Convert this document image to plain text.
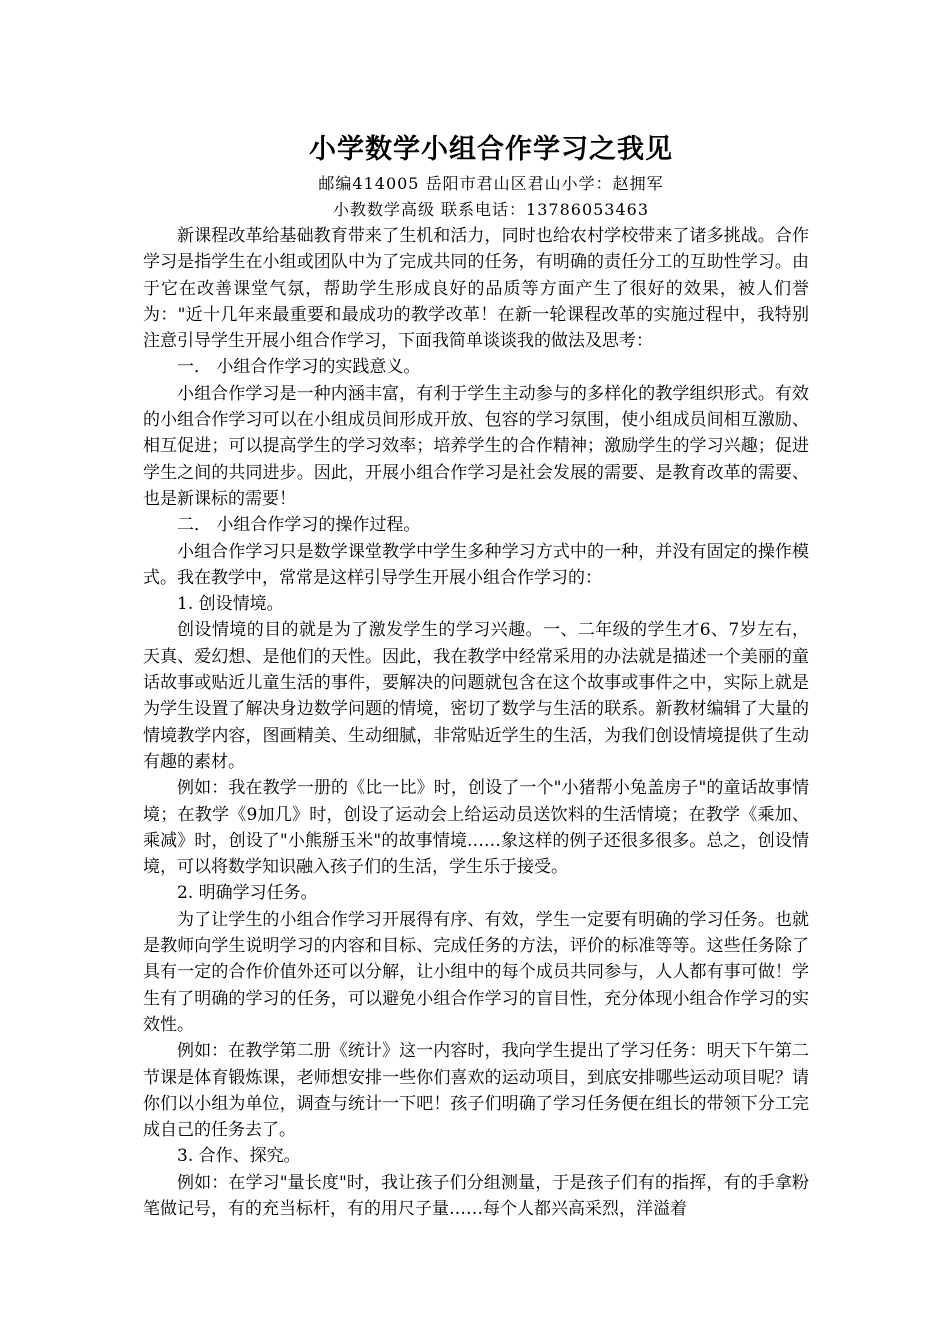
小学数学小组合作学习之我见
邮编414005 岳阳市君山区君山小学：赵拥军
小教数学高级 联系电话：13786053463

新课程改革给基础教育带来了生机和活力，同时也给农村学校带来了诸多挑战。合作学习是指学生在小组或团队中为了完成共同的任务，有明确的责任分工的互助性学习。由于它在改善课堂气氛，帮助学生形成良好的品质等方面产生了很好的效果，被人们誉为："近十几年来最重要和最成功的教学改革！在新一轮课程改革的实施过程中，我特别注意引导学生开展小组合作学习，下面我简单谈谈我的做法及思考：

一． 小组合作学习的实践意义。

小组合作学习是一种内涵丰富，有利于学生主动参与的多样化的教学组织形式。有效的小组合作学习可以在小组成员间形成开放、包容的学习氛围，使小组成员间相互激励、相互促进；可以提高学生的学习效率；培养学生的合作精神；激励学生的学习兴趣；促进学生之间的共同进步。因此，开展小组合作学习是社会发展的需要、是教育改革的需要、也是新课标的需要！

二． 小组合作学习的操作过程。

小组合作学习只是数学课堂教学中学生多种学习方式中的一种，并没有固定的操作模式。我在教学中，常常是这样引导学生开展小组合作学习的：

1. 创设情境。

创设情境的目的就是为了激发学生的学习兴趣。一、二年级的学生才6、7岁左右，天真、爱幻想、是他们的天性。因此，我在教学中经常采用的办法就是描述一个美丽的童话故事或贴近儿童生活的事件，要解决的问题就包含在这个故事或事件之中，实际上就是为学生设置了解决身边数学问题的情境，密切了数学与生活的联系。新教材编辑了大量的情境教学内容，图画精美、生动细腻，非常贴近学生的生活，为我们创设情境提供了生动有趣的素材。

例如：我在教学一册的《比一比》时，创设了一个"小猪帮小兔盖房子"的童话故事情境；在教学《9加几》时，创设了运动会上给运动员送饮料的生活情境；在教学《乘加、乘减》时，创设了"小熊掰玉米"的故事情境……象这样的例子还很多很多。总之，创设情境，可以将数学知识融入孩子们的生活，学生乐于接受。

2. 明确学习任务。

为了让学生的小组合作学习开展得有序、有效，学生一定要有明确的学习任务。也就是教师向学生说明学习的内容和目标、完成任务的方法，评价的标准等等。这些任务除了具有一定的合作价值外还可以分解，让小组中的每个成员共同参与，人人都有事可做！学生有了明确的学习的任务，可以避免小组合作学习的盲目性，充分体现小组合作学习的实效性。

例如：在教学第二册《统计》这一内容时，我向学生提出了学习任务：明天下午第二节课是体育锻炼课，老师想安排一些你们喜欢的运动项目，到底安排哪些运动项目呢？请你们以小组为单位，调查与统计一下吧！孩子们明确了学习任务便在组长的带领下分工完成自己的任务去了。

3. 合作、探究。

例如：在学习"量长度"时，我让孩子们分组测量，于是孩子们有的指挥，有的手拿粉笔做记号，有的充当标杆，有的用尺子量……每个人都兴高采烈，洋溢着
